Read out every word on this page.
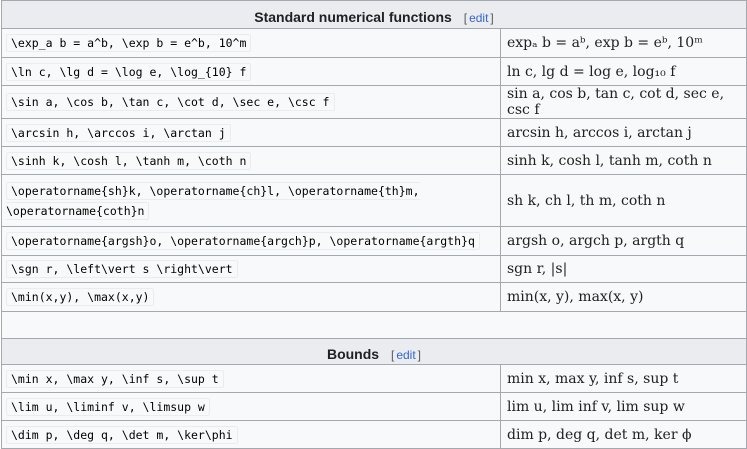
Standard numerical functions [ edit ]	
\exp_a b = a^b, \exp b = e^b, 10^m	expₐ b = aᵇ, exp b = eᵇ, 10ᵐ
\ln c, \lg d = \log e, \log_{10} f	ln c, lg d = log e, log₁₀ f
\sin a, \cos b, \tan c, \cot d, \sec e, \csc f	sin a, cos b, tan c, cot d, sec e, csc f
\arcsin h, \arccos i, \arctan j	arcsin h, arccos i, arctan j
\sinh k, \cosh l, \tanh m, \coth n	sinh k, cosh l, tanh m, coth n
\operatorname{sh}k, \operatorname{ch}l, \operatorname{th}m,
\operatorname{coth}n	sh k, ch l, th m, coth n
\operatorname{argsh}o, \operatorname{argch}p, \operatorname{argth}q	argsh o, argch p, argth q
\sgn r, \left\vert s \right\vert	sgn r, |s|
\min(x,y), \max(x,y)	min(x, y), max(x, y)

Bounds [ edit ]	
\min x, \max y, \inf s, \sup t	min x, max y, inf s, sup t
\lim u, \liminf v, \limsup w	lim u, lim inf v, lim sup w
\dim p, \deg q, \det m, \ker\phi	dim p, deg q, det m, ker ϕ
